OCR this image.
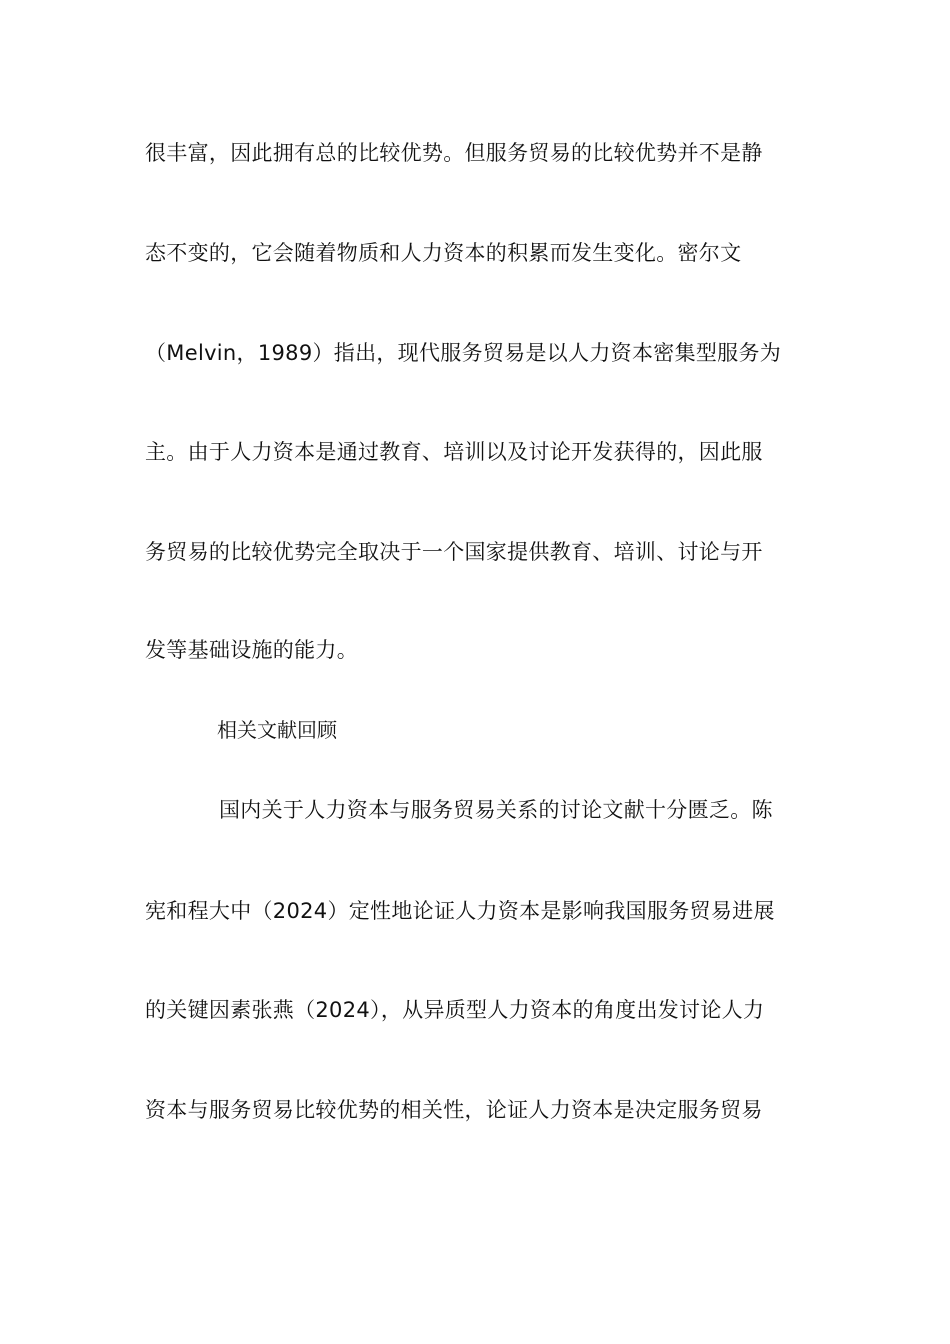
很丰富，因此拥有总的比较优势。但服务贸易的比较优势并不是静
态不变的，它会随着物质和人力资本的积累而发生变化。密尔文
（Melvin，1989）指出，现代服务贸易是以人力资本密集型服务为
主。由于人力资本是通过教育、培训以及讨论开发获得的，因此服
务贸易的比较优势完全取决于一个国家提供教育、培训、讨论与开
发等基础设施的能力。
相关文献回顾
国内关于人力资本与服务贸易关系的讨论文献十分匮乏。陈
宪和程大中（2024）定性地论证人力资本是影响我国服务贸易进展
的关键因素张燕（2024），从异质型人力资本的角度出发讨论人力
资本与服务贸易比较优势的相关性，论证人力资本是决定服务贸易
